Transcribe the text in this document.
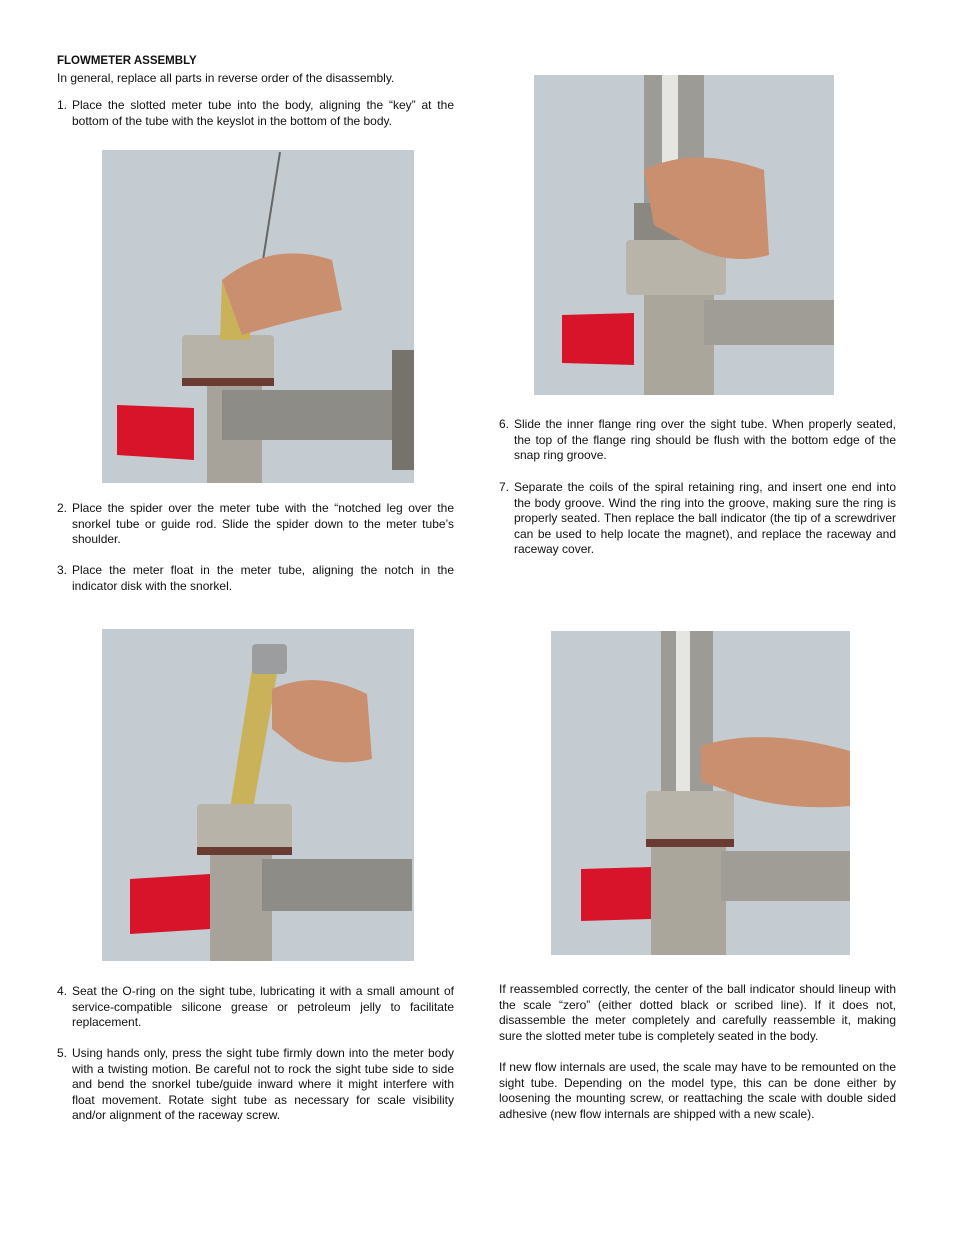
FLOWMETER ASSEMBLY
In general, replace all parts in reverse order of the disassembly.
1. Place the slotted meter tube into the body, aligning the “key” at the bottom of the tube with the keyslot in the bottom of the body.
2. Place the spider over the meter tube with the “notched leg over the snorkel tube or guide rod. Slide the spider down to the meter tube’s shoulder.
3. Place the meter float in the meter tube, aligning the notch in the indicator disk with the snorkel.
6. Slide the inner flange ring over the sight tube. When properly seated, the top of the flange ring should be flush with the bottom edge of the snap ring groove.
7. Separate the coils of the spiral retaining ring, and insert one end into the body groove. Wind the ring into the groove, making sure the ring is properly seated. Then replace the ball indicator (the tip of a screwdriver can be used to help locate the magnet), and replace the raceway and raceway cover.
4. Seat the O-ring on the sight tube, lubricating it with a small amount of service-compatible silicone grease or petroleum jelly to facilitate replacement.
5. Using hands only, press the sight tube firmly down into the meter body with a twisting motion. Be careful not to rock the sight tube side to side and bend the snorkel tube/guide inward where it might interfere with float movement. Rotate sight tube as necessary for scale visibility and/or alignment of the raceway screw.
If reassembled correctly, the center of the ball indicator should lineup with the scale “zero” (either dotted black or scribed line). If it does not, disassemble the meter completely and carefully reassemble it, making sure the slotted meter tube is completely seated in the body.
If new flow internals are used, the scale may have to be remounted on the sight tube. Depending on the model type, this can be done either by loosening the mounting screw, or reattaching the scale with double sided adhesive (new flow internals are shipped with a new scale).
